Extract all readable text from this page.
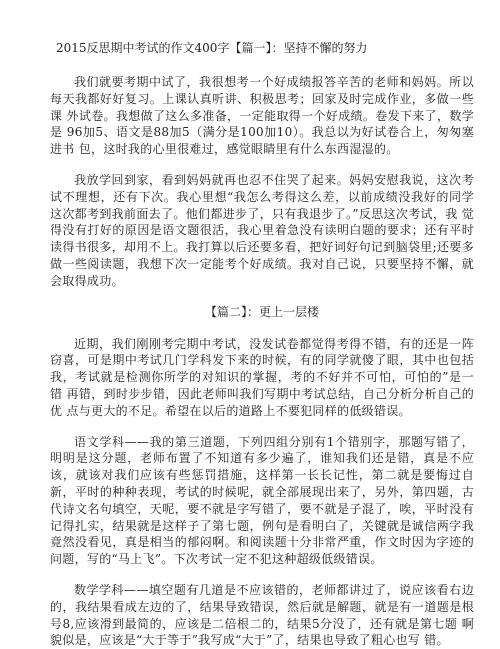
2015反思期中考试的作文400字【篇一】：坚持不懈的努力

我们就要考期中试了，我很想考一个好成绩报答辛苦的老师和妈妈。所以 每天我都好好复习。上课认真听讲、积极思考；回家及时完成作业，多做一些课 外试卷。我想做了这么多准备，一定能取得一个好成绩。卷发下来了，数学是 96加5、语文是88加5（满分是100加10）。我总以为好试卷合上，匆匆塞进书 包，这时我的心里很难过，感觉眼睛里有什么东西湿湿的。

我放学回到家，看到妈妈就再也忍不住哭了起来。妈妈安慰我说，这次考 试不理想，还有下次。我心里想“我怎么考得这么差，以前成绩没我好的同学 这次都考到我前面去了。他们都进步了，只有我退步了。”反思这次考试，我 觉得没有打好的原因是语文题很活，我心里着急没有读明白题的要求；还有平时 读得书很多，却用不上。我打算以后还要多看，把好词好句记到脑袋里;还要多 做一些阅读题，我想下次一定能考个好成绩。我对自己说，只要坚持不懈，就 会取得成功。

【篇二】：更上一层楼

近期，我们刚刚考完期中考试，没发试卷都觉得考得不错，有的还是一阵 窃喜，可是期中考试几门学科发下来的时候，有的同学就傻了眼，其中也包括 我，考试就是检测你所学的对知识的掌握，考的不好并不可怕，可怕的”是一错 再错，到时步步错，因此老师叫我们写期中考试总结，自己分析分析自己的优 点与更大的不足。希望在以后的道路上不要犯同样的低级错误。

语文学科——我的第三道题，下列四组分别有1个错别字，那题写错了， 明明是这分题，老师布置了不知道有多少遍了，谁知我们还是错，真是不应 该，就该对我们应该有些惩罚措施，这样第一长长记性，第二就是要悔过自 新，平时的种种表现，考试的时候呢，就全部展现出来了，另外，第四题，古 代诗文名句填空，天呢，要不就是字写错了，要不就是子混了，唉，平时没有 记得扎实，结果就是这样子了第七题，例句是看明白了，关键就是诚信两字我 竟然没看见，真是相当的郁闷啊。和阅读题十分非常严重，作文时因为字迹的 问题，写的“马上飞”。下次考试一定不犯这种超级低级错误。

数学学科——填空题有几道是不应该错的，老师都讲过了，说应该看右边 的，我结果看成左边的了，结果导致错误，然后就是解题，就是有一道题是根 号8,应该滑到最简的，应该是二倍根二的，结果5分没了，还有就是第七题 啊貌似是，应该是“大于等于”我写成“大于”了，结果也导致了粗心也写 错。
